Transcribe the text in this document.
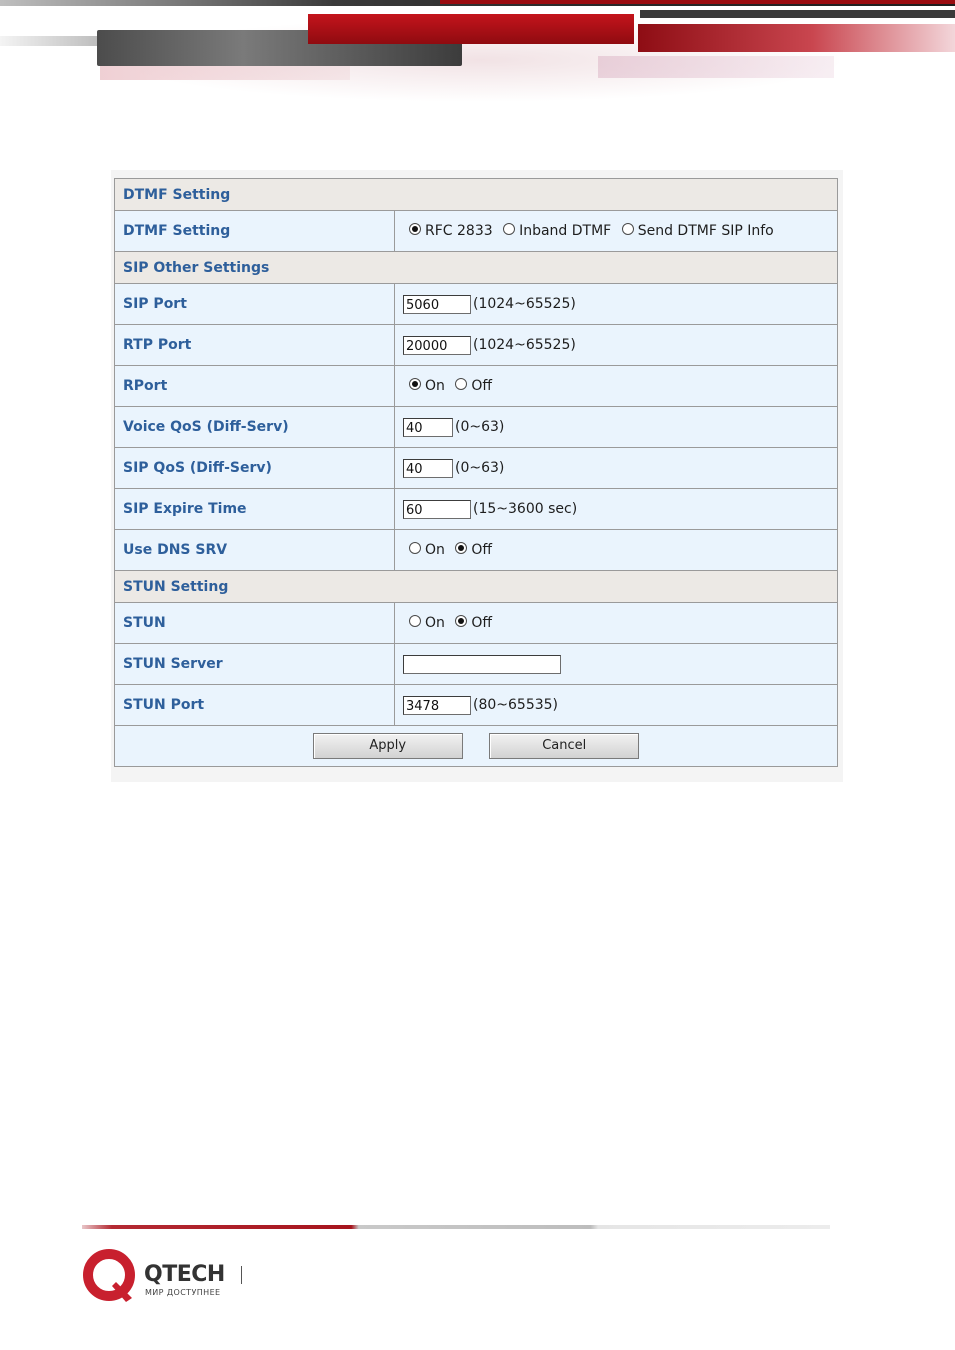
DTMF Setting	
DTMF Setting	RFC 2833 Inband DTMF Send DTMF SIP Info
SIP Other Settings	
SIP Port	5060 (1024~65525)
RTP Port	20000 (1024~65525)
RPort	On Off
Voice QoS (Diff-Serv)	40 (0~63)
SIP QoS (Diff-Serv)	40 (0~63)
SIP Expire Time	60 (15~3600 sec)
Use DNS SRV	On Off
STUN Setting	
STUN	On Off
STUN Server	
STUN Port	3478 (80~65535)
Apply Cancel	
QTECH
МИР ДОСТУПНЕЕ
